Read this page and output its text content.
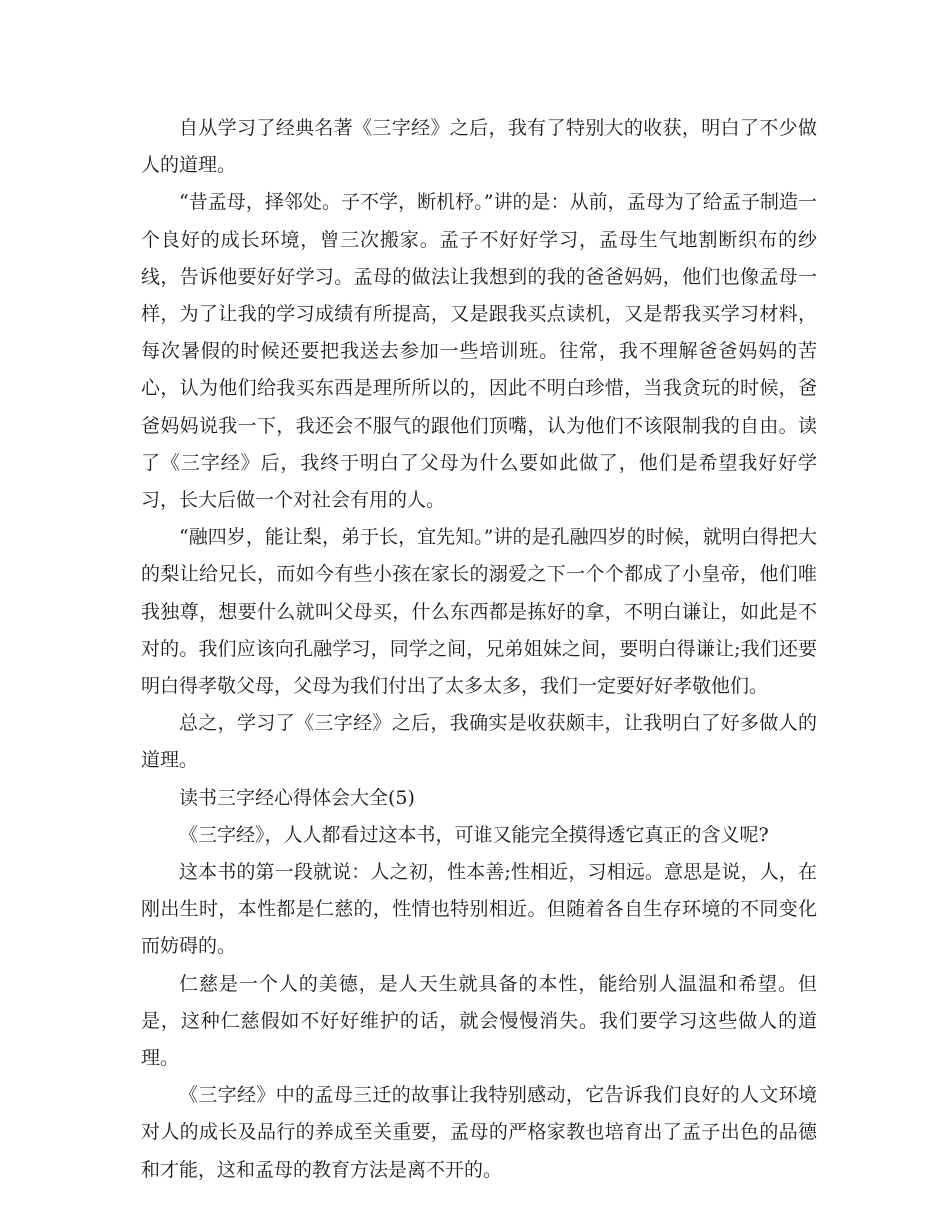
自从学习了经典名著《三字经》之后，我有了特别大的收获，明白了不少做人的道理。

“昔孟母，择邻处。子不学，断机杼。”讲的是：从前，孟母为了给孟子制造一个良好的成长环境，曾三次搬家。孟子不好好学习，孟母生气地割断织布的纱线，告诉他要好好学习。孟母的做法让我想到的我的爸爸妈妈，他们也像孟母一样，为了让我的学习成绩有所提高，又是跟我买点读机，又是帮我买学习材料，每次暑假的时候还要把我送去参加一些培训班。往常，我不理解爸爸妈妈的苦心，认为他们给我买东西是理所所以的，因此不明白珍惜，当我贪玩的时候，爸爸妈妈说我一下，我还会不服气的跟他们顶嘴，认为他们不该限制我的自由。读了《三字经》后，我终于明白了父母为什么要如此做了，他们是希望我好好学习，长大后做一个对社会有用的人。

“融四岁，能让梨，弟于长，宜先知。”讲的是孔融四岁的时候，就明白得把大的梨让给兄长，而如今有些小孩在家长的溺爱之下一个个都成了小皇帝，他们唯我独尊，想要什么就叫父母买，什么东西都是拣好的拿，不明白谦让，如此是不对的。我们应该向孔融学习，同学之间，兄弟姐妹之间，要明白得谦让;我们还要明白得孝敬父母，父母为我们付出了太多太多，我们一定要好好孝敬他们。

总之，学习了《三字经》之后，我确实是收获颇丰，让我明白了好多做人的道理。

读书三字经心得体会大全(5)

《三字经》，人人都看过这本书，可谁又能完全摸得透它真正的含义呢?

这本书的第一段就说：人之初，性本善;性相近，习相远。意思是说，人，在刚出生时，本性都是仁慈的，性情也特别相近。但随着各自生存环境的不同变化而妨碍的。

仁慈是一个人的美德，是人天生就具备的本性，能给别人温温和希望。但是，这种仁慈假如不好好维护的话，就会慢慢消失。我们要学习这些做人的道理。

《三字经》中的孟母三迁的故事让我特别感动，它告诉我们良好的人文环境对人的成长及品行的养成至关重要，孟母的严格家教也培育出了孟子出色的品德和才能，这和孟母的教育方法是离不开的。
